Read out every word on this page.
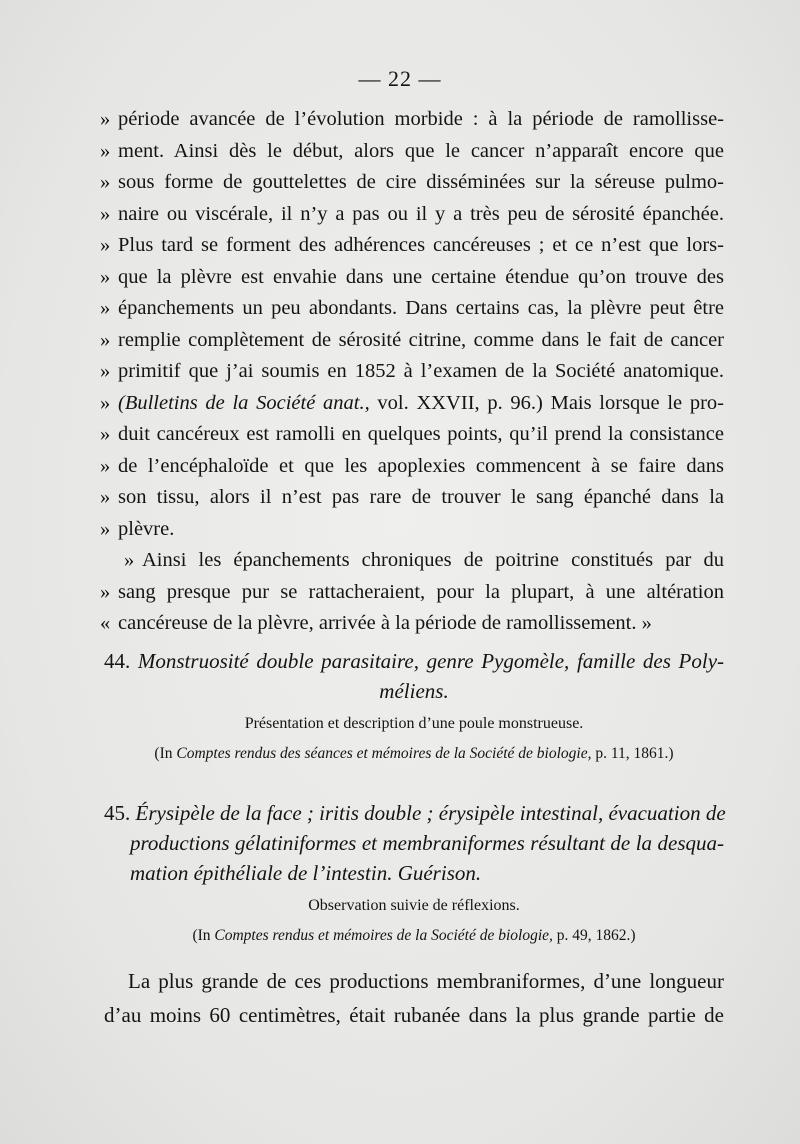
— 22 —
» période avancée de l’évolution morbide : à la période de ramollisse-
» ment. Ainsi dès le début, alors que le cancer n’apparaît encore que
» sous forme de gouttelettes de cire disséminées sur la séreuse pulmo-
» naire ou viscérale, il n’y a pas ou il y a très peu de sérosité épanchée.
» Plus tard se forment des adhérences cancéreuses ; et ce n’est que lors-
» que la plèvre est envahie dans une certaine étendue qu’on trouve des
» épanchements un peu abondants. Dans certains cas, la plèvre peut être
» remplie complètement de sérosité citrine, comme dans le fait de cancer
» primitif que j’ai soumis en 1852 à l’examen de la Société anatomique.
» (Bulletins de la Société anat., vol. XXVII, p. 96.) Mais lorsque le pro-
» duit cancéreux est ramolli en quelques points, qu’il prend la consistance
» de l’encéphaloïde et que les apoplexies commencent à se faire dans
» son tissu, alors il n’est pas rare de trouver le sang épanché dans la
» plèvre.
» Ainsi les épanchements chroniques de poitrine constitués par du
» sang presque pur se rattacheraient, pour la plupart, à une altération
« cancéreuse de la plèvre, arrivée à la période de ramollissement. »
44. Monstruosité double parasitaire, genre Pygomèle, famille des Poly-
méliens.
Présentation et description d’une poule monstrueuse.
(In Comptes rendus des séances et mémoires de la Société de biologie, p. 11, 1861.)
45. Érysipèle de la face ; iritis double ; érysipèle intestinal, évacuation de
productions gélatiniformes et membraniformes résultant de la desqua-
mation épithéliale de l’intestin. Guérison.
Observation suivie de réflexions.
(In Comptes rendus et mémoires de la Société de biologie, p. 49, 1862.)
La plus grande de ces productions membraniformes, d’une longueur
d’au moins 60 centimètres, était rubanée dans la plus grande partie de
